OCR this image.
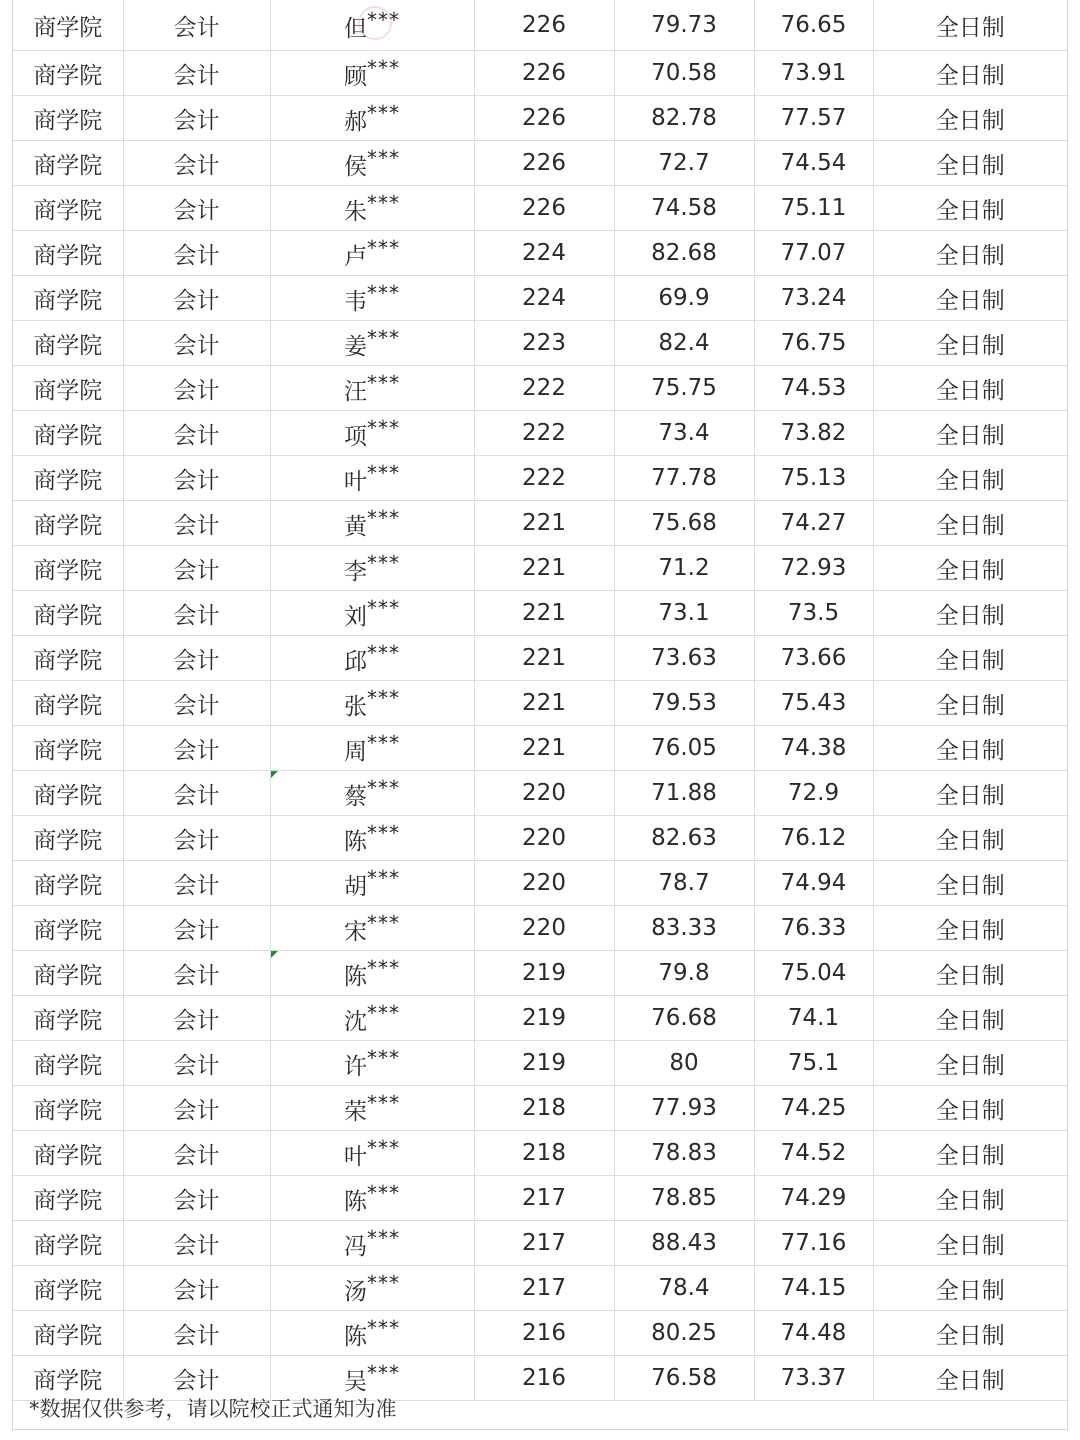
商学院	会计	但***	226	79.73	76.65	全日制
商学院	会计	顾***	226	70.58	73.91	全日制
商学院	会计	郝***	226	82.78	77.57	全日制
商学院	会计	侯***	226	72.7	74.54	全日制
商学院	会计	朱***	226	74.58	75.11	全日制
商学院	会计	卢***	224	82.68	77.07	全日制
商学院	会计	韦***	224	69.9	73.24	全日制
商学院	会计	姜***	223	82.4	76.75	全日制
商学院	会计	汪***	222	75.75	74.53	全日制
商学院	会计	项***	222	73.4	73.82	全日制
商学院	会计	叶***	222	77.78	75.13	全日制
商学院	会计	黄***	221	75.68	74.27	全日制
商学院	会计	李***	221	71.2	72.93	全日制
商学院	会计	刘***	221	73.1	73.5	全日制
商学院	会计	邱***	221	73.63	73.66	全日制
商学院	会计	张***	221	79.53	75.43	全日制
商学院	会计	周***	221	76.05	74.38	全日制
商学院	会计	蔡***	220	71.88	72.9	全日制
商学院	会计	陈***	220	82.63	76.12	全日制
商学院	会计	胡***	220	78.7	74.94	全日制
商学院	会计	宋***	220	83.33	76.33	全日制
商学院	会计	陈***	219	79.8	75.04	全日制
商学院	会计	沈***	219	76.68	74.1	全日制
商学院	会计	许***	219	80	75.1	全日制
商学院	会计	荣***	218	77.93	74.25	全日制
商学院	会计	叶***	218	78.83	74.52	全日制
商学院	会计	陈***	217	78.85	74.29	全日制
商学院	会计	冯***	217	88.43	77.16	全日制
商学院	会计	汤***	217	78.4	74.15	全日制
商学院	会计	陈***	216	80.25	74.48	全日制
商学院	会计	吴***	216	76.58	73.37	全日制
*数据仅供参考，请以院校正式通知为准
